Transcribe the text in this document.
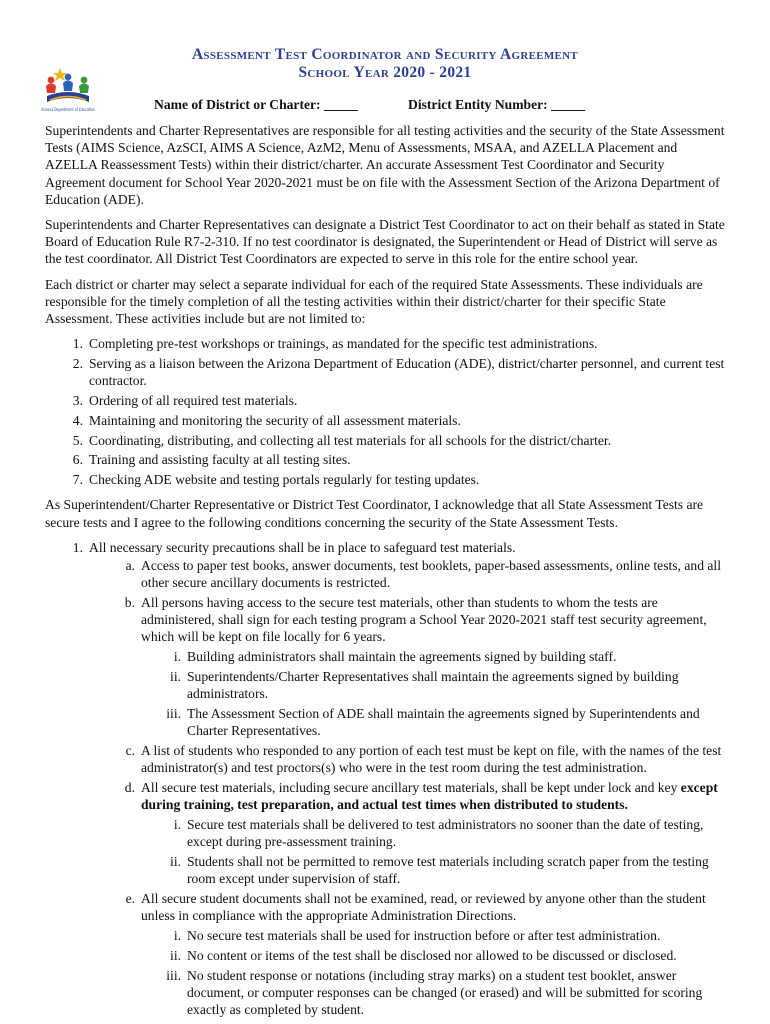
Assessment Test Coordinator and Security Agreement
School Year 2020 - 2021
Arizona Department of Education	Name of District or Charter: _____	District Entity Number: _____

Superintendents and Charter Representatives are responsible for all testing activities and the security of the State Assessment Tests (AIMS Science, AzSCI, AIMS A Science, AzM2, Menu of Assessments, MSAA, and AZELLA Placement and AZELLA Reassessment Tests) within their district/charter. An accurate Assessment Test Coordinator and Security Agreement document for School Year 2020-2021 must be on file with the Assessment Section of the Arizona Department of Education (ADE).

Superintendents and Charter Representatives can designate a District Test Coordinator to act on their behalf as stated in State Board of Education Rule R7-2-310. If no test coordinator is designated, the Superintendent or Head of District will serve as the test coordinator. All District Test Coordinators are expected to serve in this role for the entire school year.

Each district or charter may select a separate individual for each of the required State Assessments. These individuals are responsible for the timely completion of all the testing activities within their district/charter for their specific State Assessment. These activities include but are not limited to:

1. Completing pre-test workshops or trainings, as mandated for the specific test administrations.
2. Serving as a liaison between the Arizona Department of Education (ADE), district/charter personnel, and current test contractor.
3. Ordering of all required test materials.
4. Maintaining and monitoring the security of all assessment materials.
5. Coordinating, distributing, and collecting all test materials for all schools for the district/charter.
6. Training and assisting faculty at all testing sites.
7. Checking ADE website and testing portals regularly for testing updates.

As Superintendent/Charter Representative or District Test Coordinator, I acknowledge that all State Assessment Tests are secure tests and I agree to the following conditions concerning the security of the State Assessment Tests.

1. All necessary security precautions shall be in place to safeguard test materials.
a. Access to paper test books, answer documents, test booklets, paper-based assessments, online tests, and all other secure ancillary documents is restricted.
b. All persons having access to the secure test materials, other than students to whom the tests are administered, shall sign for each testing program a School Year 2020-2021 staff test security agreement, which will be kept on file locally for 6 years.
i. Building administrators shall maintain the agreements signed by building staff.
ii. Superintendents/Charter Representatives shall maintain the agreements signed by building administrators.
iii. The Assessment Section of ADE shall maintain the agreements signed by Superintendents and Charter Representatives.
c. A list of students who responded to any portion of each test must be kept on file, with the names of the test administrator(s) and test proctors(s) who were in the test room during the test administration.
d. All secure test materials, including secure ancillary test materials, shall be kept under lock and key except during training, test preparation, and actual test times when distributed to students.
i. Secure test materials shall be delivered to test administrators no sooner than the date of testing, except during pre-assessment training.
ii. Students shall not be permitted to remove test materials including scratch paper from the testing room except under supervision of staff.
e. All secure student documents shall not be examined, read, or reviewed by anyone other than the student unless in compliance with the appropriate Administration Directions.
i. No secure test materials shall be used for instruction before or after test administration.
ii. No content or items of the test shall be disclosed nor allowed to be discussed or disclosed.
iii. No student response or notations (including stray marks) on a student test booklet, answer document, or computer responses can be changed (or erased) and will be submitted for scoring exactly as completed by student.
